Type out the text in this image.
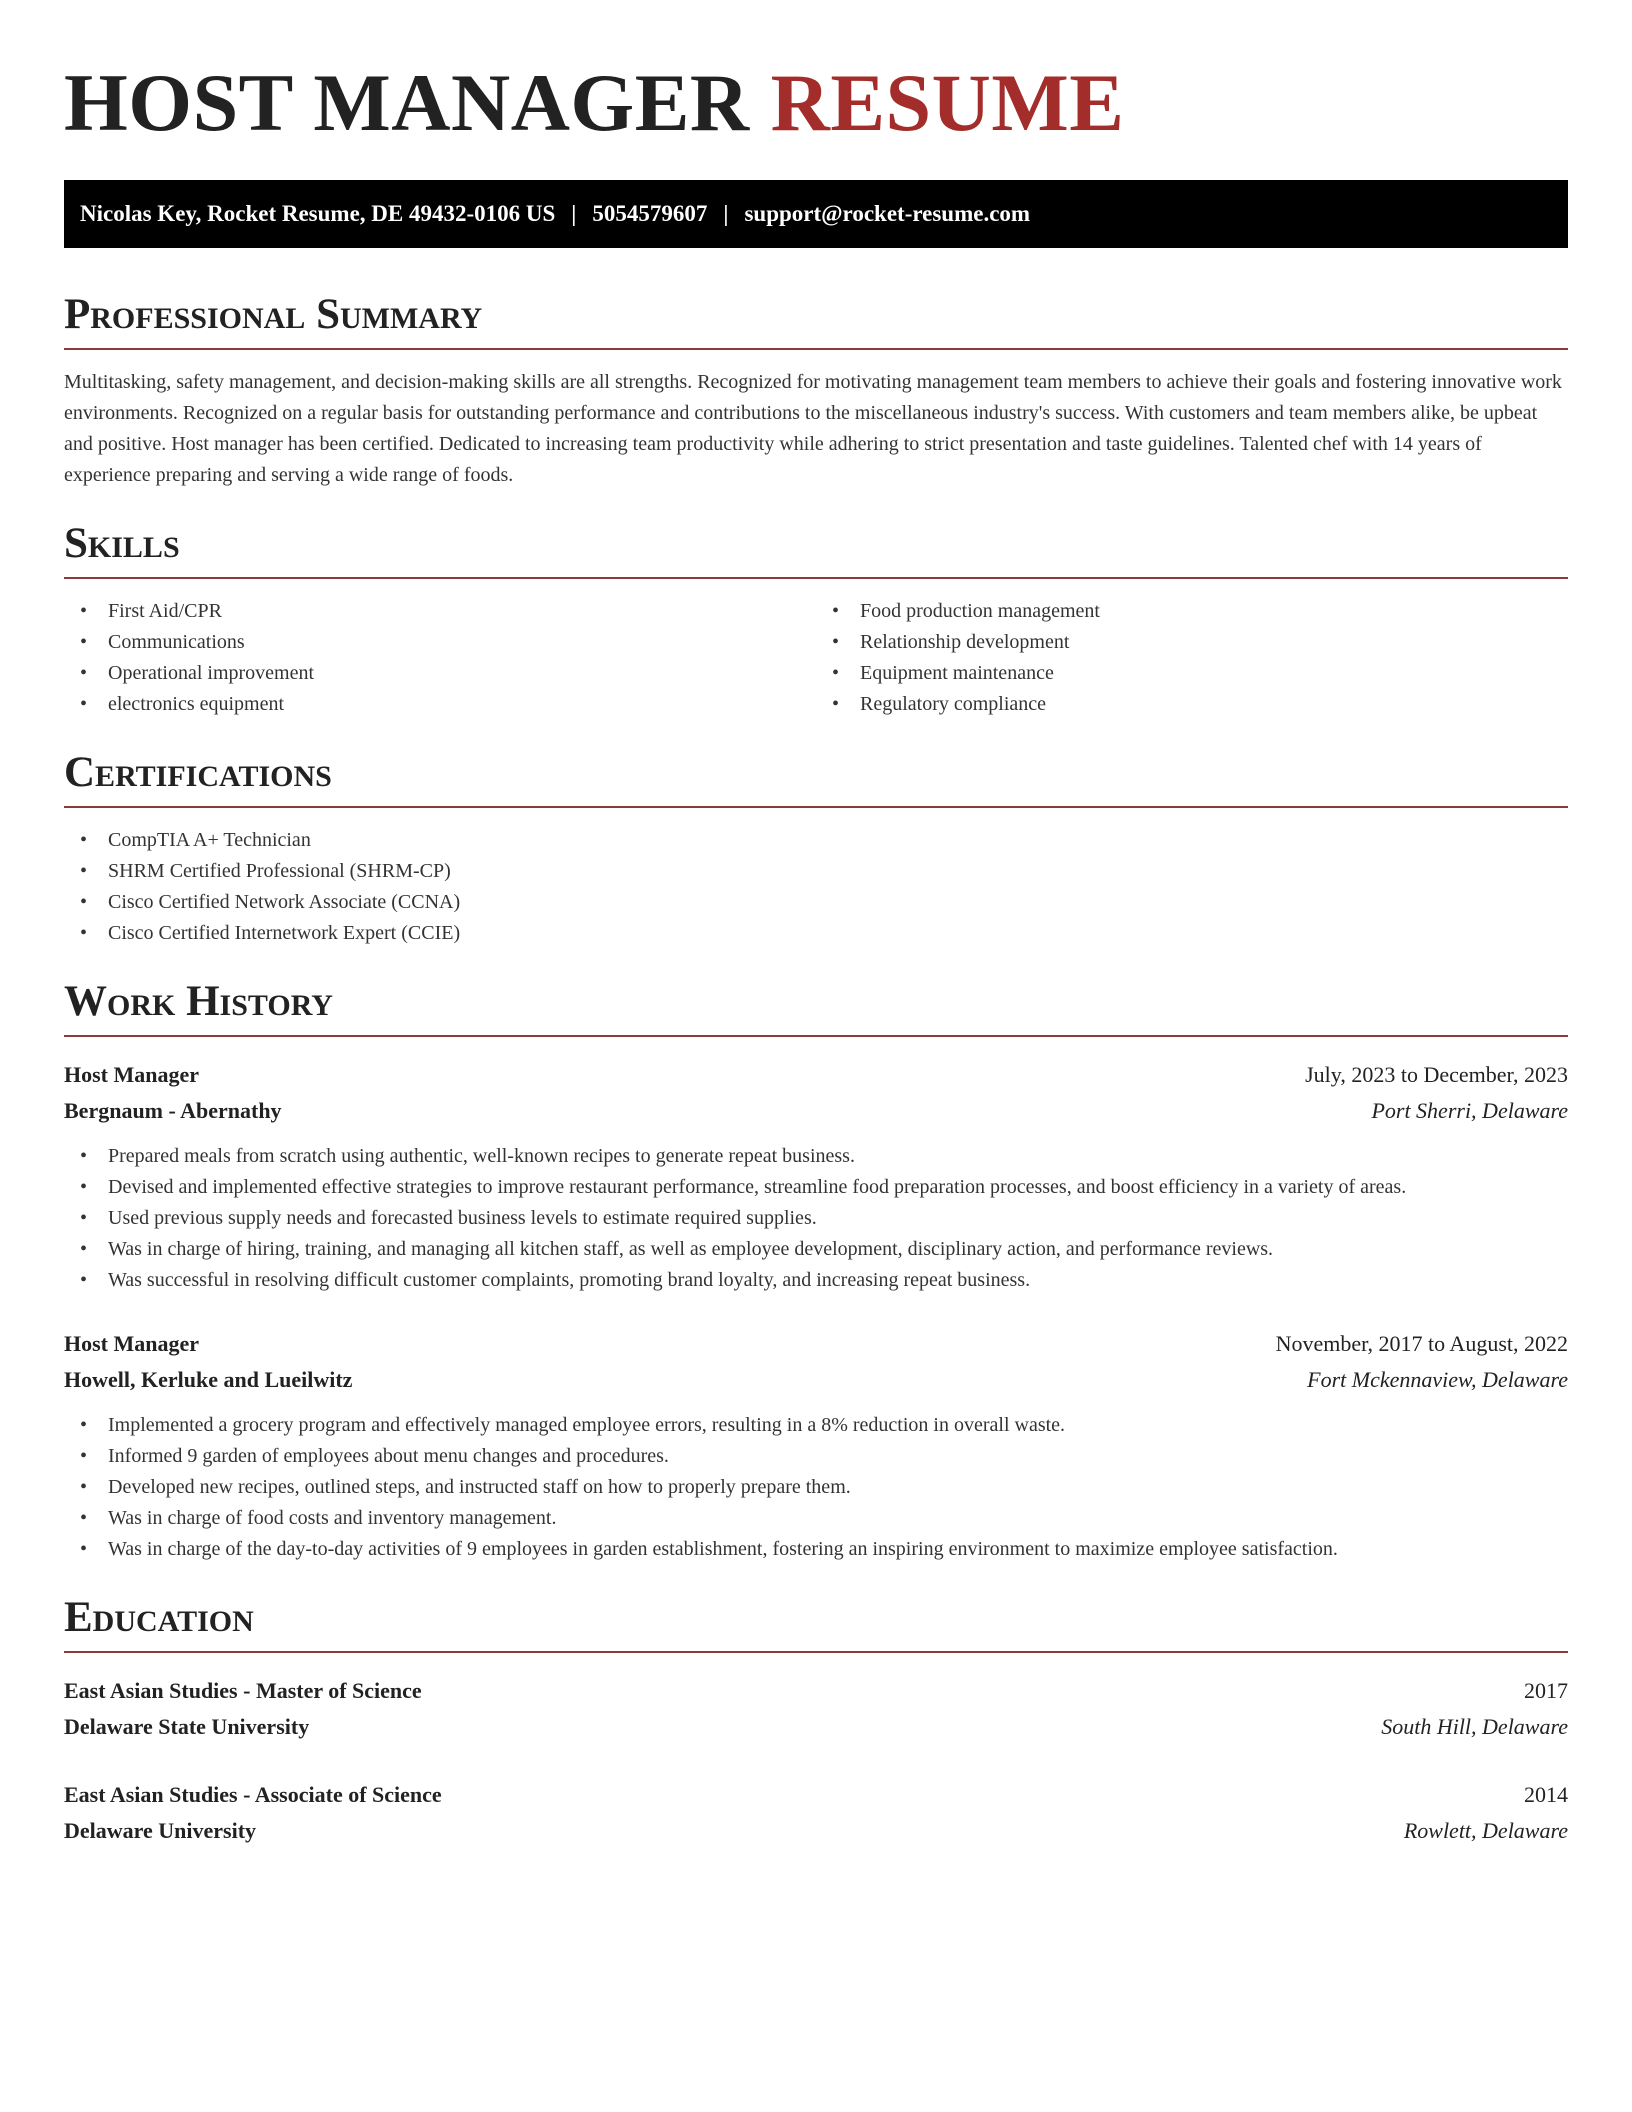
HOST MANAGER RESUME
Nicolas Key, Rocket Resume, DE 49432-0106 US | 5054579607 | support@rocket-resume.com
Professional Summary

Multitasking, safety management, and decision-making skills are all strengths. Recognized for motivating management team members to achieve their goals and fostering innovative work environments. Recognized on a regular basis for outstanding performance and contributions to the miscellaneous industry's success. With customers and team members alike, be upbeat and positive. Host manager has been certified. Dedicated to increasing team productivity while adhering to strict presentation and taste guidelines. Talented chef with 14 years of experience preparing and serving a wide range of foods.

Skills
• First Aid/CPR
• Communications
• Operational improvement
• electronics equipment
• Food production management
• Relationship development
• Equipment maintenance
• Regulatory compliance
Certifications
• CompTIA A+ Technician
• SHRM Certified Professional (SHRM-CP)
• Cisco Certified Network Associate (CCNA)
• Cisco Certified Internetwork Expert (CCIE)
Work History
Host Manager	July, 2023 to December, 2023
Bergnaum - Abernathy	Port Sherri, Delaware
• Prepared meals from scratch using authentic, well-known recipes to generate repeat business.
• Devised and implemented effective strategies to improve restaurant performance, streamline food preparation processes, and boost efficiency in a variety of areas.
• Used previous supply needs and forecasted business levels to estimate required supplies.
• Was in charge of hiring, training, and managing all kitchen staff, as well as employee development, disciplinary action, and performance reviews.
• Was successful in resolving difficult customer complaints, promoting brand loyalty, and increasing repeat business.
Host Manager	November, 2017 to August, 2022
Howell, Kerluke and Lueilwitz	Fort Mckennaview, Delaware
• Implemented a grocery program and effectively managed employee errors, resulting in a 8% reduction in overall waste.
• Informed 9 garden of employees about menu changes and procedures.
• Developed new recipes, outlined steps, and instructed staff on how to properly prepare them.
• Was in charge of food costs and inventory management.
• Was in charge of the day-to-day activities of 9 employees in garden establishment, fostering an inspiring environment to maximize employee satisfaction.
Education
East Asian Studies - Master of Science	2017
Delaware State University	South Hill, Delaware
East Asian Studies - Associate of Science	2014
Delaware University	Rowlett, Delaware
